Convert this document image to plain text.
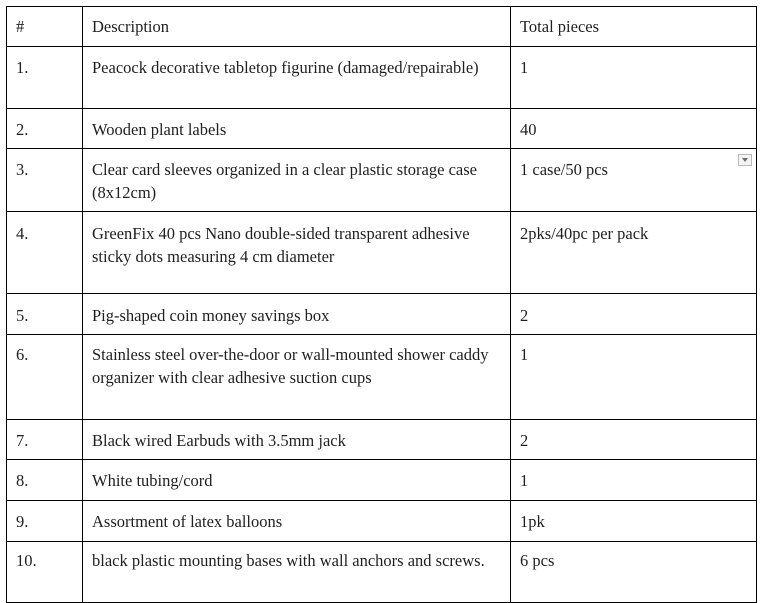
#	Description	Total pieces
1.	Peacock decorative tabletop figurine (damaged/repairable)	1
2.	Wooden plant labels	40
3.	Clear card sleeves organized in a clear plastic storage case (8x12cm)	1 case/50 pcs

4.	GreenFix 40 pcs Nano double-sided transparent adhesive sticky dots measuring 4 cm diameter	2pks/40pc per pack
5.	Pig-shaped coin money savings box	2
6.	Stainless steel over-the-door or wall-mounted shower caddy organizer with clear adhesive suction cups	1
7.	Black wired Earbuds with 3.5mm jack	2
8.	White tubing/cord	1
9.	Assortment of latex balloons	1pk
10.	black plastic mounting bases with wall anchors and screws.	6 pcs
